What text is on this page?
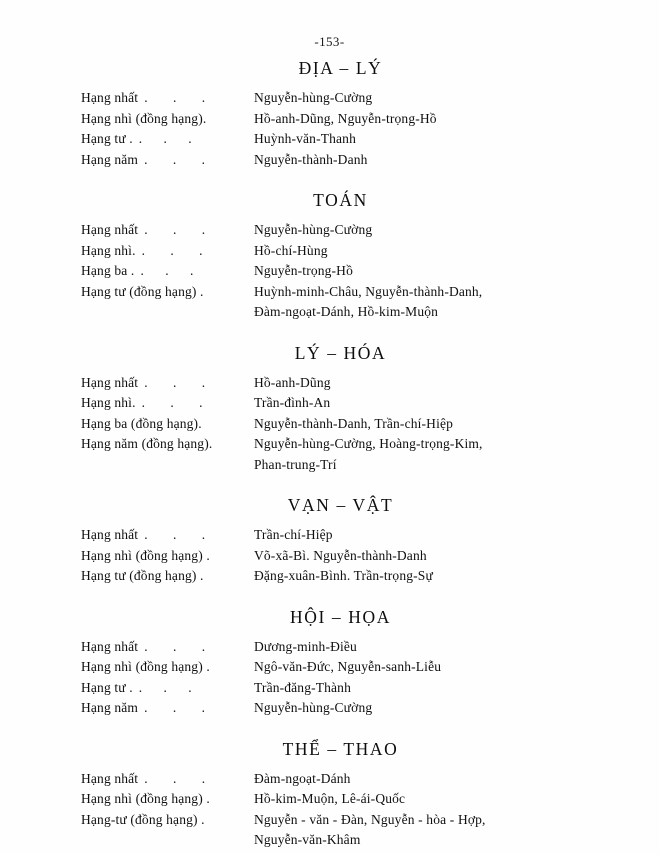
-153-
ĐỊA – LÝ
Hạng nhất . . .	Nguyễn-hùng-Cường
Hạng nhì (đồng hạng).	Hồ-anh-Dũng, Nguyễn-trọng-Hồ
Hạng tư . . . .	Huỳnh-văn-Thanh
Hạng năm . . .	Nguyễn-thành-Danh
TOÁN
Hạng nhất . . .	Nguyễn-hùng-Cường
Hạng nhì. . . .	Hồ-chí-Hùng
Hạng ba . . . .	Nguyễn-trọng-Hồ
Hạng tư (đồng hạng) .	Huỳnh-minh-Châu, Nguyễn-thành-Danh,
Đàm-ngoạt-Dánh, Hồ-kim-Muộn
LÝ – HÓA
Hạng nhất . . .	Hồ-anh-Dũng
Hạng nhì. . . .	Trần-đình-An
Hạng ba (đồng hạng).	Nguyễn-thành-Danh, Trần-chí-Hiệp
Hạng năm (đồng hạng).	Nguyễn-hùng-Cường, Hoàng-trọng-Kim,
Phan-trung-Trí
VẠN – VẬT
Hạng nhất . . .	Trần-chí-Hiệp
Hạng nhì (đồng hạng) .	Võ-xã-Bì. Nguyễn-thành-Danh
Hạng tư (đồng hạng) .	Đặng-xuân-Bình. Trần-trọng-Sự
HỘI – HỌA
Hạng nhất . . .	Dương-minh-Điều
Hạng nhì (đồng hạng) .	Ngô-văn-Đức, Nguyễn-sanh-Liễu
Hạng tư . . . .	Trần-đăng-Thành
Hạng năm . . .	Nguyễn-hùng-Cường
THỂ – THAO
Hạng nhất . . .	Đàm-ngoạt-Dánh
Hạng nhì (đồng hạng) .	Hồ-kim-Muộn, Lê-ái-Quốc
Hạng-tư (đồng hạng) .	Nguyễn - văn - Đàn, Nguyễn - hòa - Hợp,
Nguyễn-văn-Khâm
